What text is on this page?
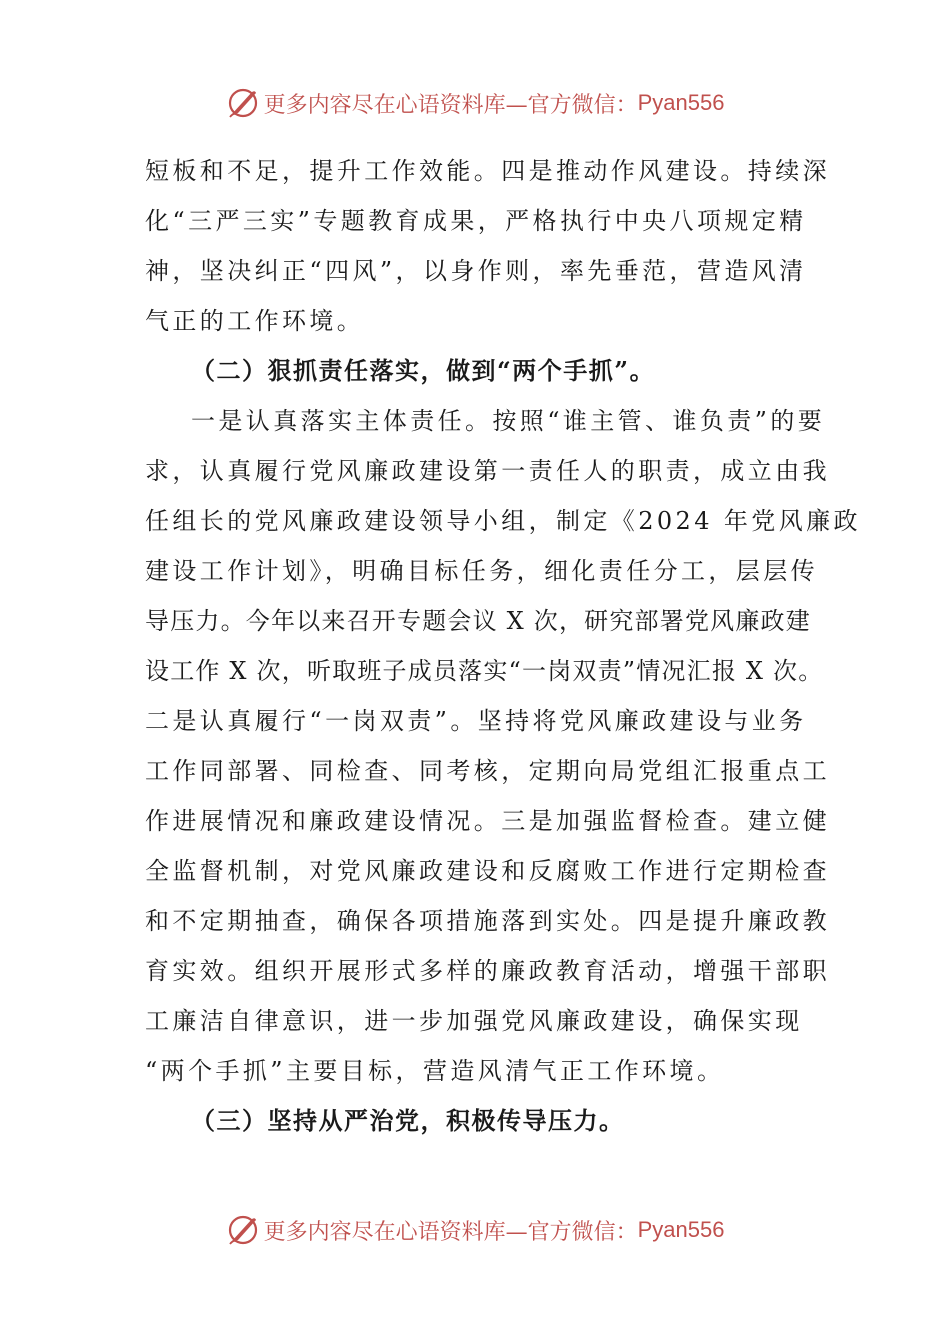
更多内容尽在心语资料库—官方微信： Pyan556
短板和不足，提升工作效能。四是推动作风建设。持续深
化“三严三实”专题教育成果，严格执行中央八项规定精
神，坚决纠正“四风”，以身作则，率先垂范，营造风清
气正的工作环境。
（二）狠抓责任落实，做到“两个手抓”。
一是认真落实主体责任。按照“谁主管、谁负责”的要
求，认真履行党风廉政建设第一责任人的职责，成立由我
任组长的党风廉政建设领导小组，制定《2024 年党风廉政
建设工作计划》，明确目标任务，细化责任分工，层层传
导压力。今年以来召开专题会议 X 次，研究部署党风廉政建
设工作 X 次，听取班子成员落实“一岗双责”情况汇报 X 次。
二是认真履行“一岗双责”。坚持将党风廉政建设与业务
工作同部署、同检查、同考核，定期向局党组汇报重点工
作进展情况和廉政建设情况。三是加强监督检查。建立健
全监督机制，对党风廉政建设和反腐败工作进行定期检查
和不定期抽查，确保各项措施落到实处。四是提升廉政教
育实效。组织开展形式多样的廉政教育活动，增强干部职
工廉洁自律意识，进一步加强党风廉政建设，确保实现
“两个手抓”主要目标，营造风清气正工作环境。
（三）坚持从严治党，积极传导压力。
更多内容尽在心语资料库—官方微信： Pyan556
